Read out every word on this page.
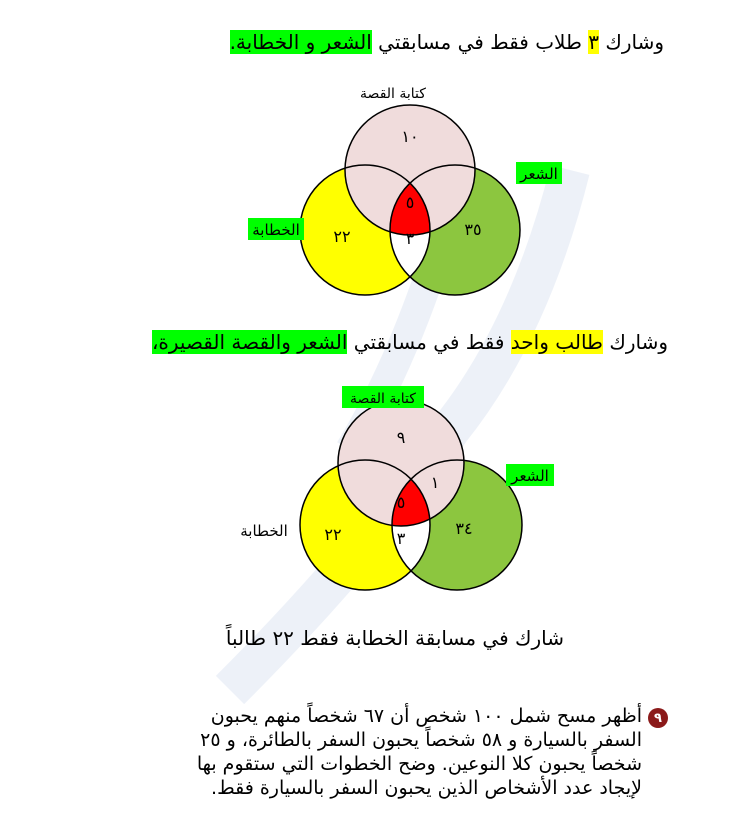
وشارك ٣ طلاب فقط في مسابقتي الشعر و الخطابة.
كتابة القصة
الشعر
الخطابة
١٠
٥
٢٢	٣٥
٣
وشارك طالب واحد فقط في مسابقتي الشعر والقصة القصيرة،
كتابة القصة
الشعر
الخطابة
٩
١
٥
٢٢	٣٤
٣
شارك في مسابقة الخطابة فقط ٢٢ طالباً
٩
أظهر مسح شمل ١٠٠ شخص أن ٦٧ شخصاً منهم يحبون
السفر بالسيارة و ٥٨ شخصاً يحبون السفر بالطائرة، و ٢٥
شخصاً يحبون كلا النوعين. وضح الخطوات التي ستقوم بها
لإيجاد عدد الأشخاص الذين يحبون السفر بالسيارة فقط.
